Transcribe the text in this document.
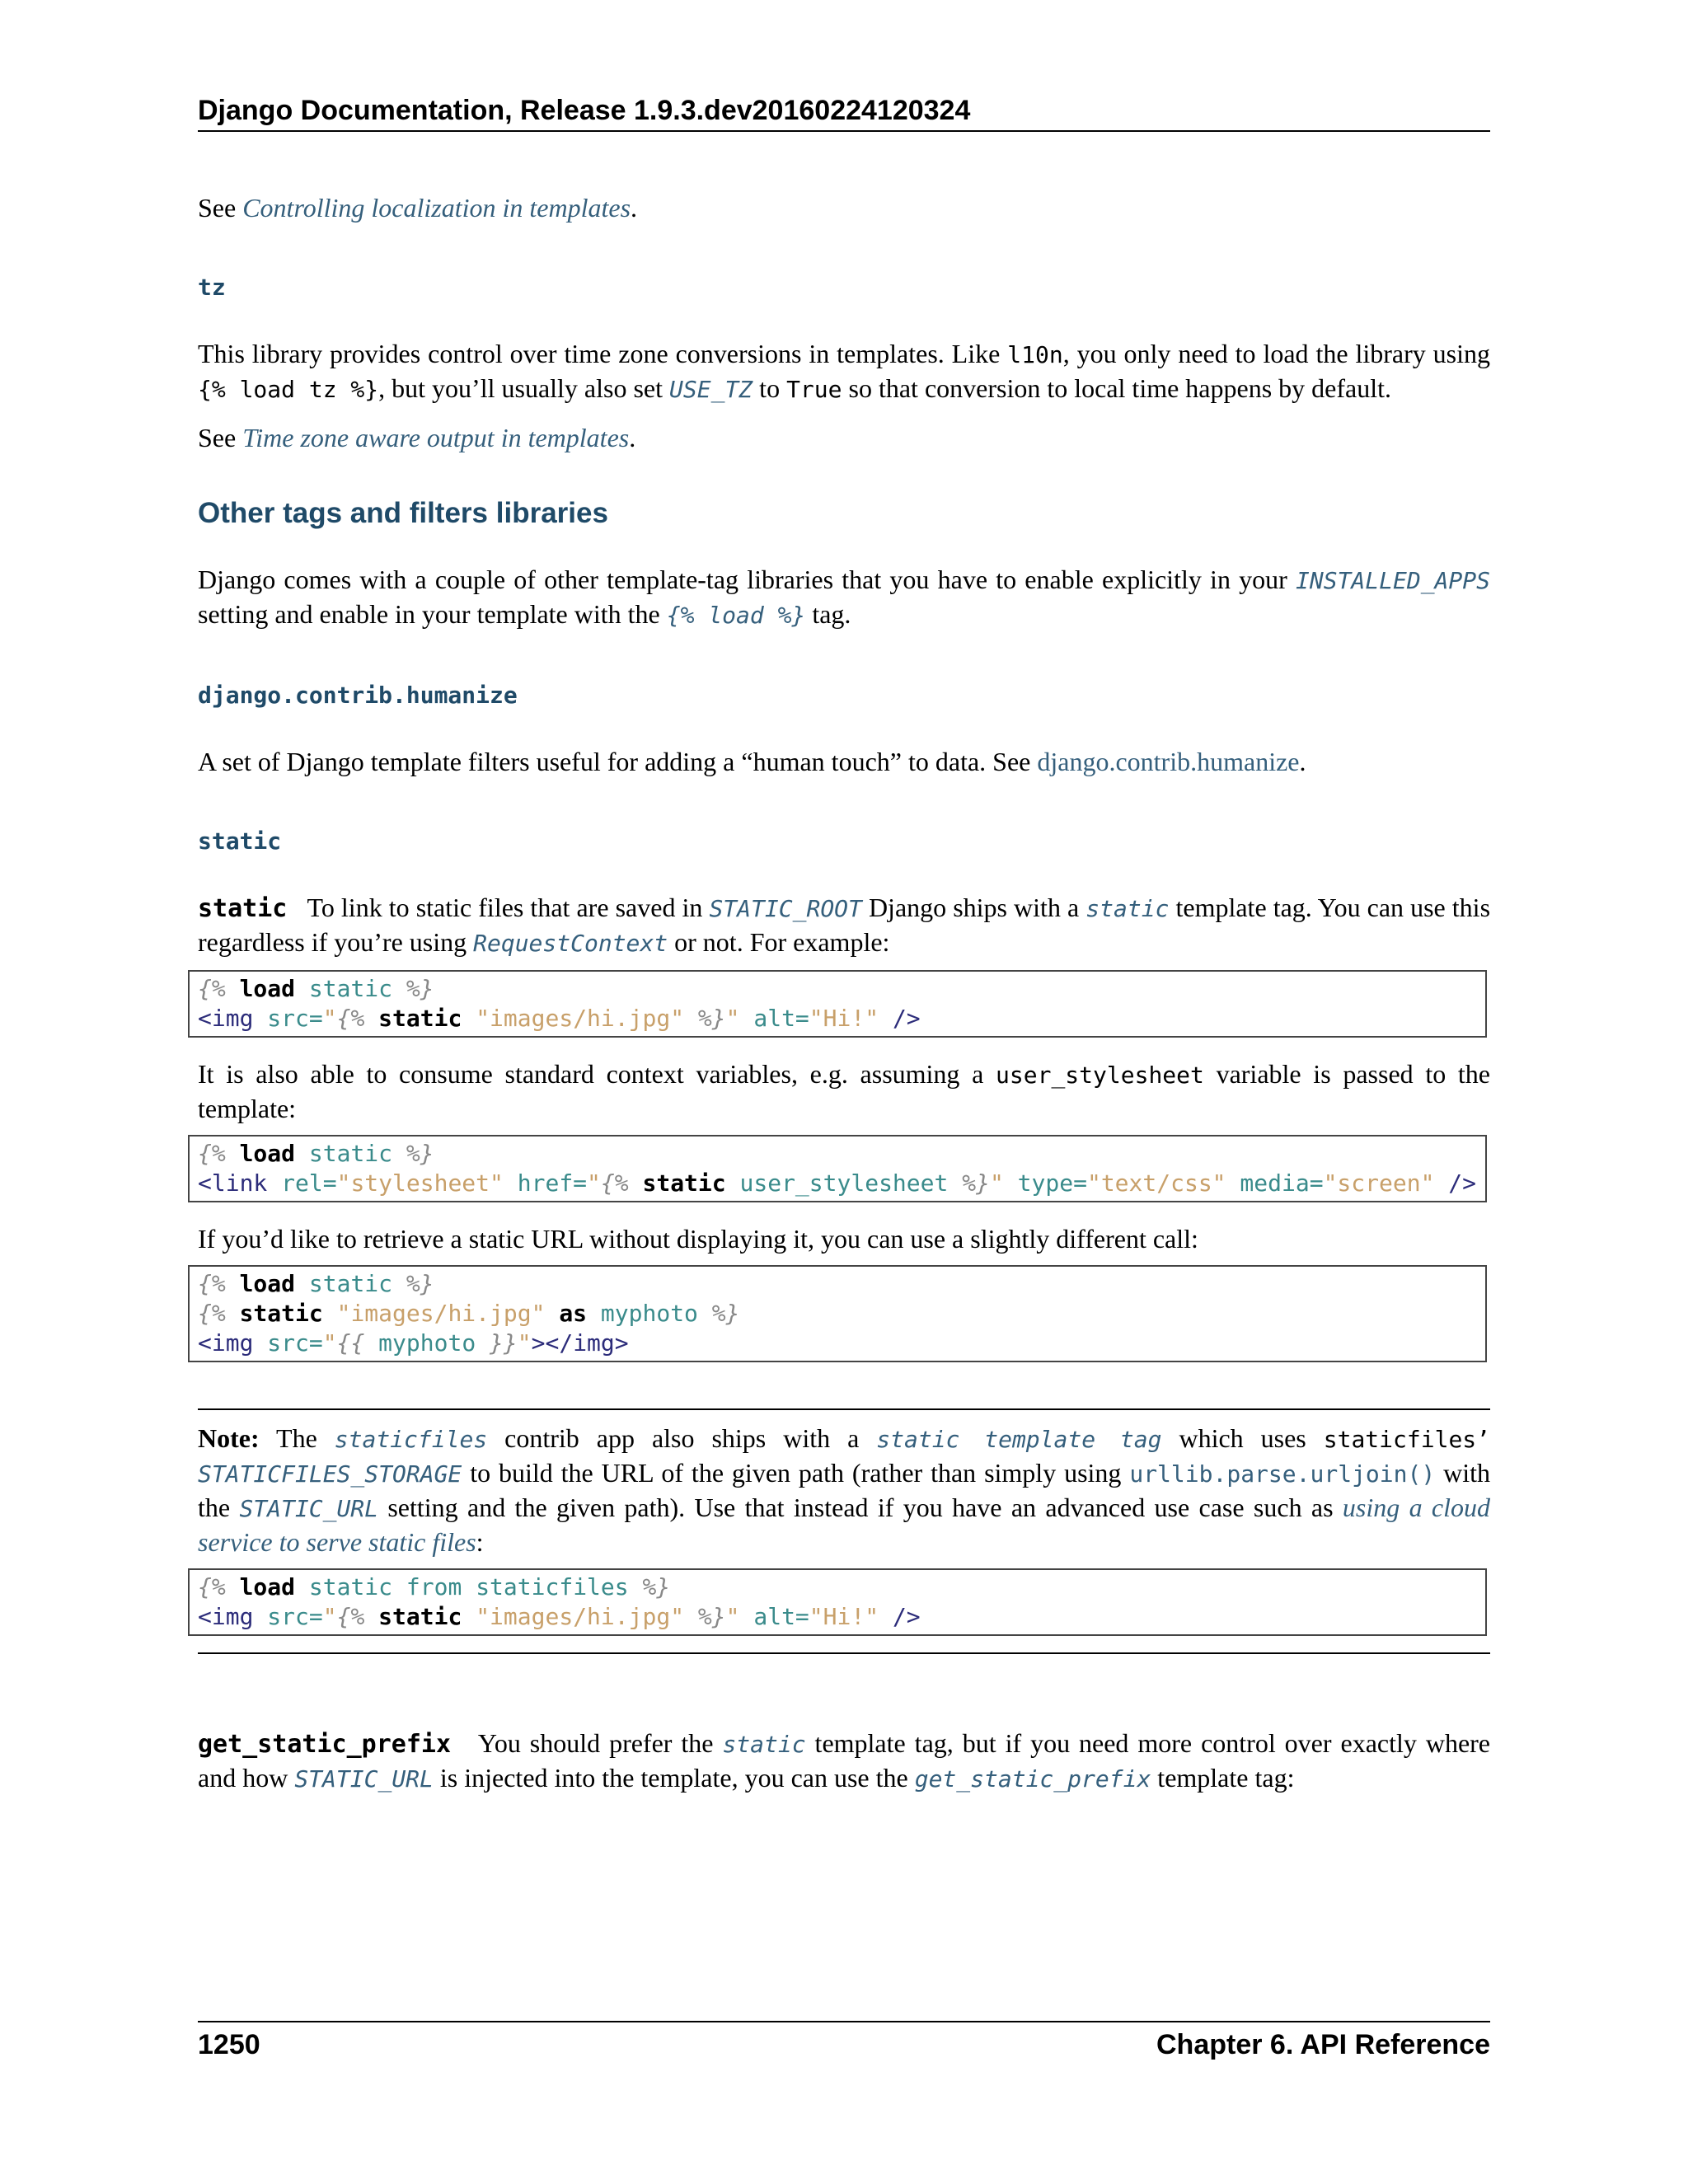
Django Documentation, Release 1.9.3.dev20160224120324

See Controlling localization in templates.

tz

This library provides control over time zone conversions in templates. Like l10n, you only need to load the library using {% load tz %}, but you’ll usually also set USE_TZ to True so that conversion to local time happens by default.

See Time zone aware output in templates.

Other tags and filters libraries

Django comes with a couple of other template-tag libraries that you have to enable explicitly in your INSTALLED_APPS setting and enable in your template with the {% load %} tag.

django.contrib.humanize

A set of Django template filters useful for adding a “human touch” to data. See django.contrib.humanize.

static

static To link to static files that are saved in STATIC_ROOT Django ships with a static template tag. You can use this regardless if you’re using RequestContext or not. For example:

{% load static %}
<img src="{% static "images/hi.jpg" %}" alt="Hi!" />

It is also able to consume standard context variables, e.g. assuming a user_stylesheet variable is passed to the template:

{% load static %}
<link rel="stylesheet" href="{% static user_stylesheet %}" type="text/css" media="screen" />

If you’d like to retrieve a static URL without displaying it, you can use a slightly different call:

{% load static %}
{% static "images/hi.jpg" as myphoto %}
<img src="{{ myphoto }}"></img>

Note: The staticfiles contrib app also ships with a static template tag which uses staticfiles’ STATICFILES_STORAGE to build the URL of the given path (rather than simply using urllib.parse.urljoin() with the STATIC_URL setting and the given path). Use that instead if you have an advanced use case such as using a cloud service to serve static files:

{% load static from staticfiles %}
<img src="{% static "images/hi.jpg" %}" alt="Hi!" />

get_static_prefix You should prefer the static template tag, but if you need more control over exactly where and how STATIC_URL is injected into the template, you can use the get_static_prefix template tag:

1250	Chapter 6. API Reference
